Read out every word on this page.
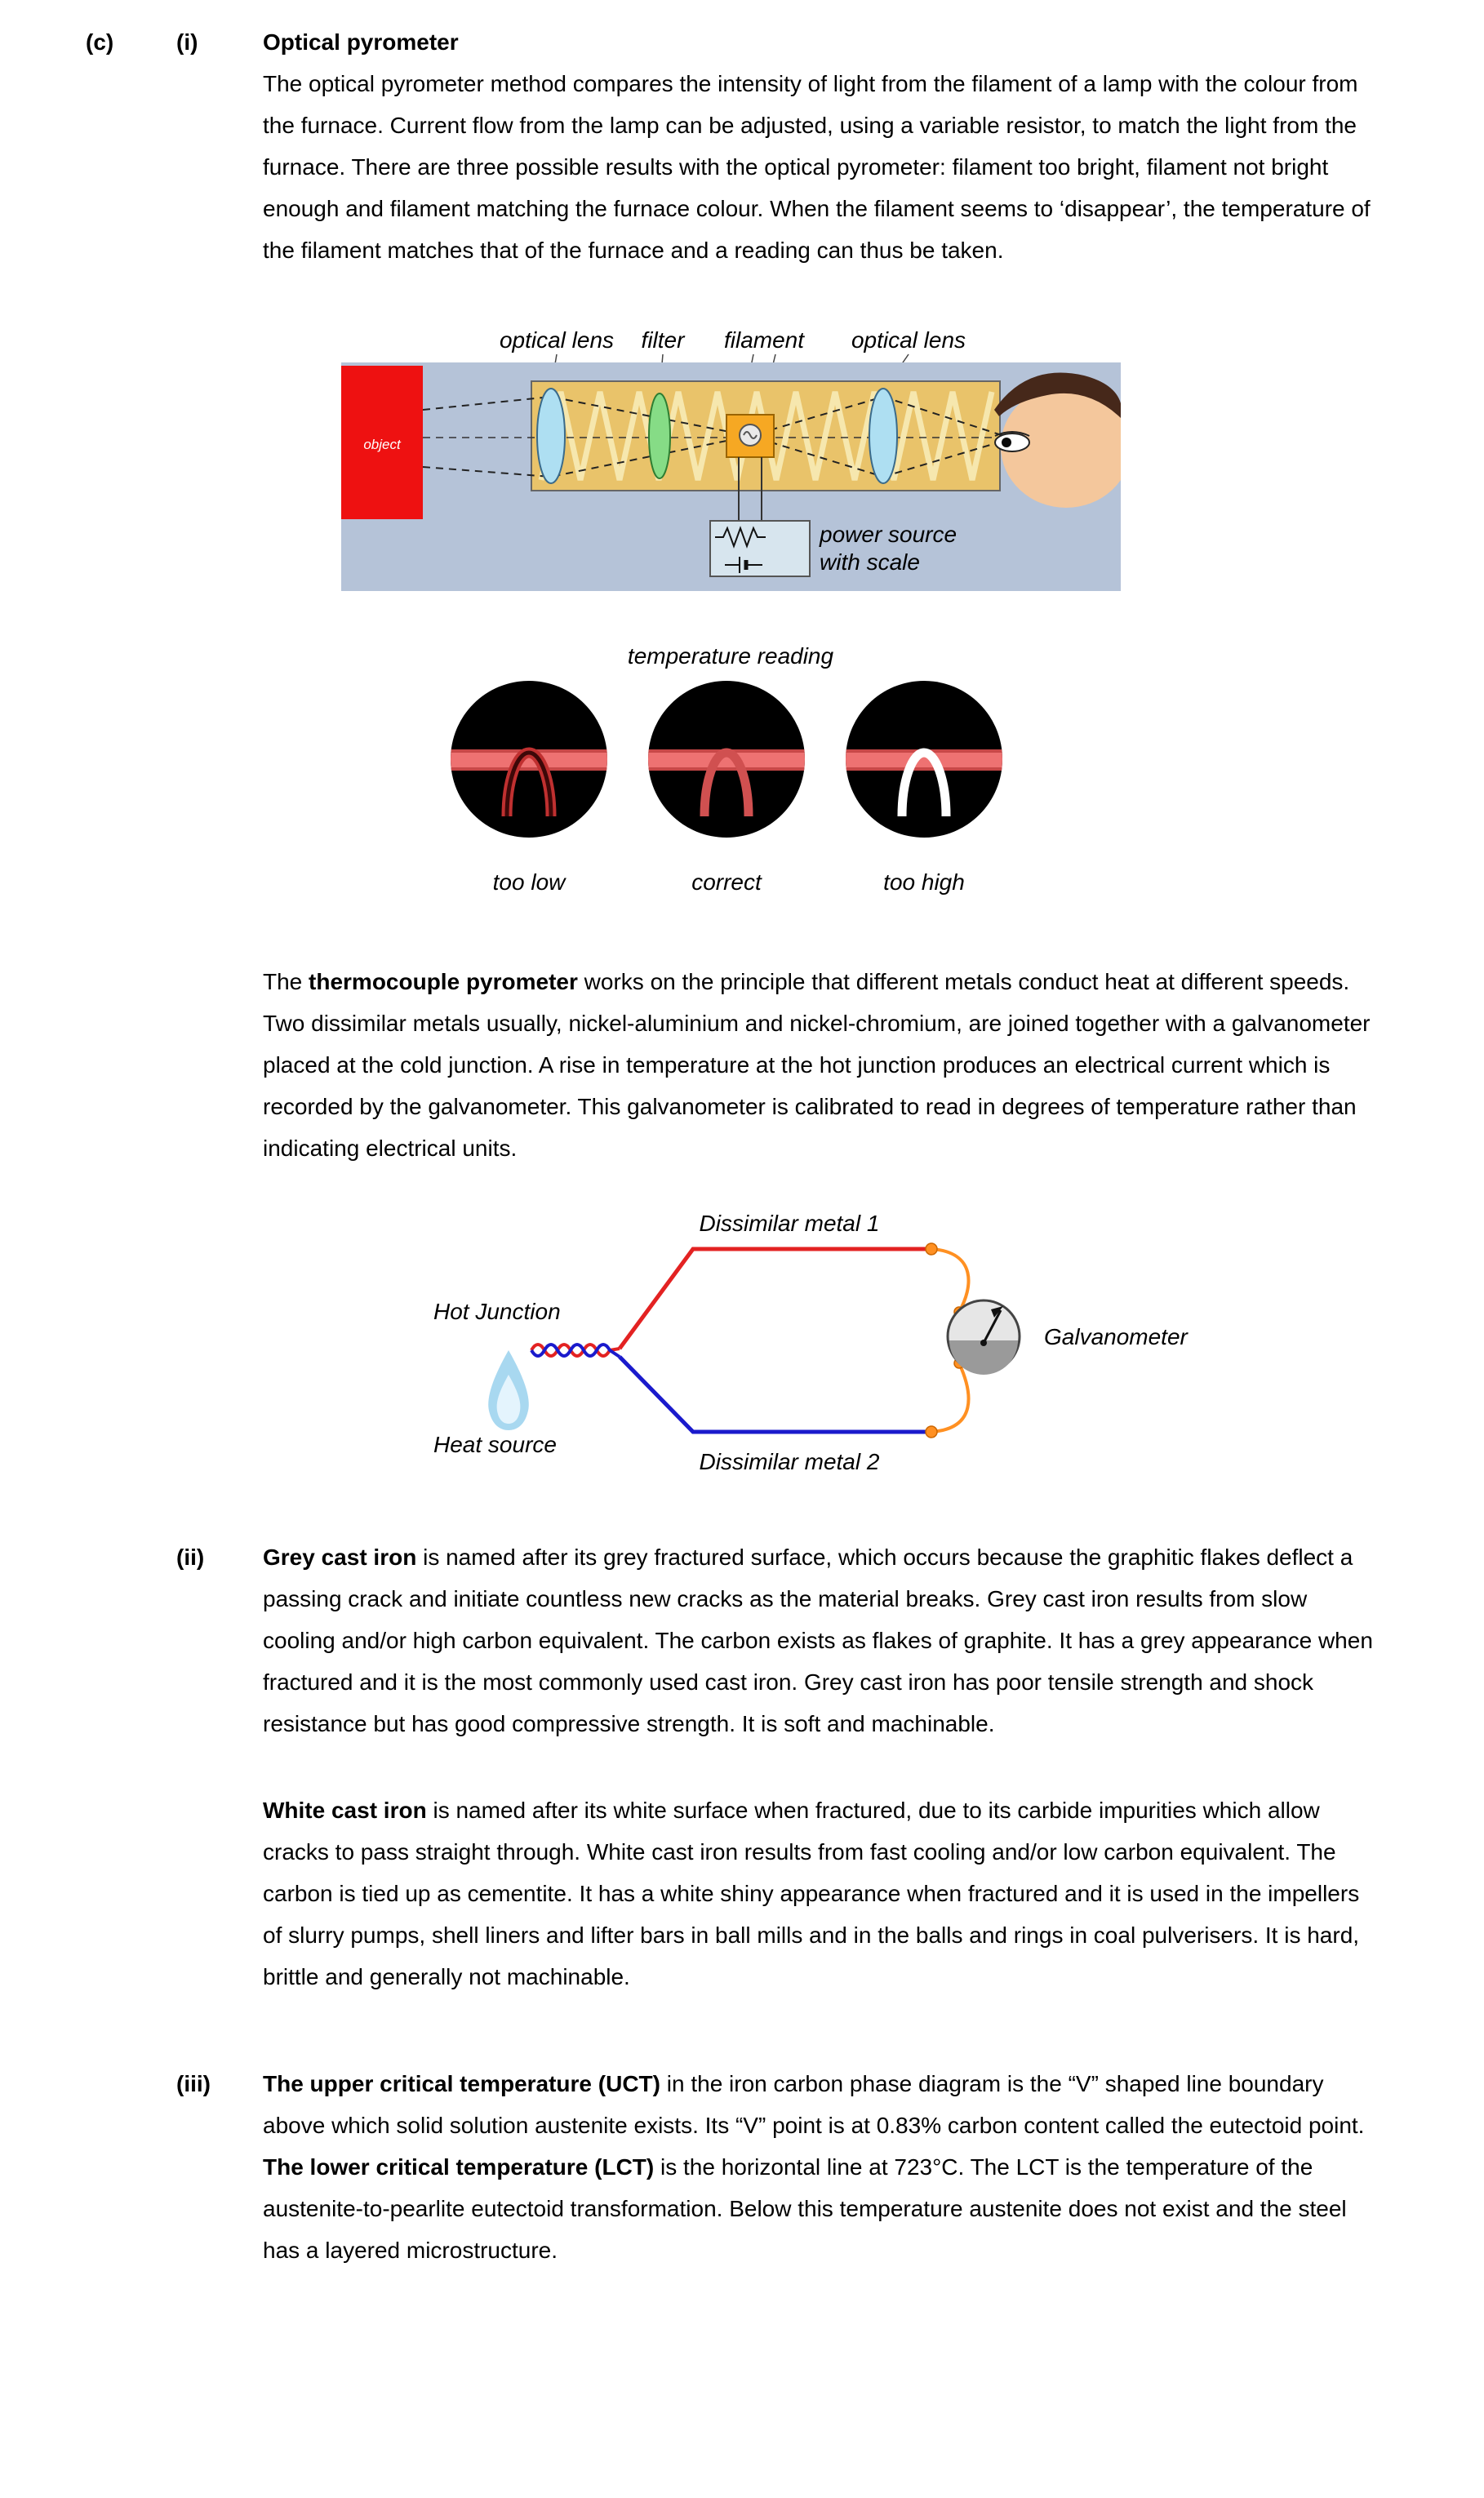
(c)	(i)	Optical pyrometer

The optical pyrometer method compares the intensity of light from the filament of a lamp with the colour from the furnace. Current flow from the lamp can be adjusted, using a variable resistor, to match the light from the furnace. There are three possible results with the optical pyrometer: filament too bright, filament not bright enough and filament matching the furnace colour. When the filament seems to ‘disappear’, the temperature of the filament matches that of the furnace and a reading can thus be taken.

optical lens filter filament optical lens
object
power source
with scale
temperature reading
too low	correct	too high

The thermocouple pyrometer works on the principle that different metals conduct heat at different speeds. Two dissimilar metals usually, nickel-aluminium and nickel-chromium, are joined together with a galvanometer placed at the cold junction. A rise in temperature at the hot junction produces an electrical current which is recorded by the galvanometer. This galvanometer is calibrated to read in degrees of temperature rather than indicating electrical units.

Dissimilar metal 1
Dissimilar metal 2
Hot Junction
Heat source
Galvanometer
(ii)	Grey cast iron is named after its grey fractured surface, which occurs because the graphitic flakes deflect a passing crack and initiate countless new cracks as the material breaks. Grey cast iron results from slow cooling and/or high carbon equivalent. The carbon exists as flakes of graphite. It has a grey appearance when fractured and it is the most commonly used cast iron. Grey cast iron has poor tensile strength and shock resistance but has good compressive strength. It is soft and machinable.

White cast iron is named after its white surface when fractured, due to its carbide impurities which allow cracks to pass straight through. White cast iron results from fast cooling and/or low carbon equivalent. The carbon is tied up as cementite. It has a white shiny appearance when fractured and it is used in the impellers of slurry pumps, shell liners and lifter bars in ball mills and in the balls and rings in coal pulverisers. It is hard, brittle and generally not machinable.

(iii)	The upper critical temperature (UCT) in the iron carbon phase diagram is the “V” shaped line boundary above which solid solution austenite exists. Its “V” point is at 0.83% carbon content called the eutectoid point.

The lower critical temperature (LCT) is the horizontal line at 723°C. The LCT is the temperature of the austenite-to-pearlite eutectoid transformation. Below this temperature austenite does not exist and the steel has a layered microstructure.
